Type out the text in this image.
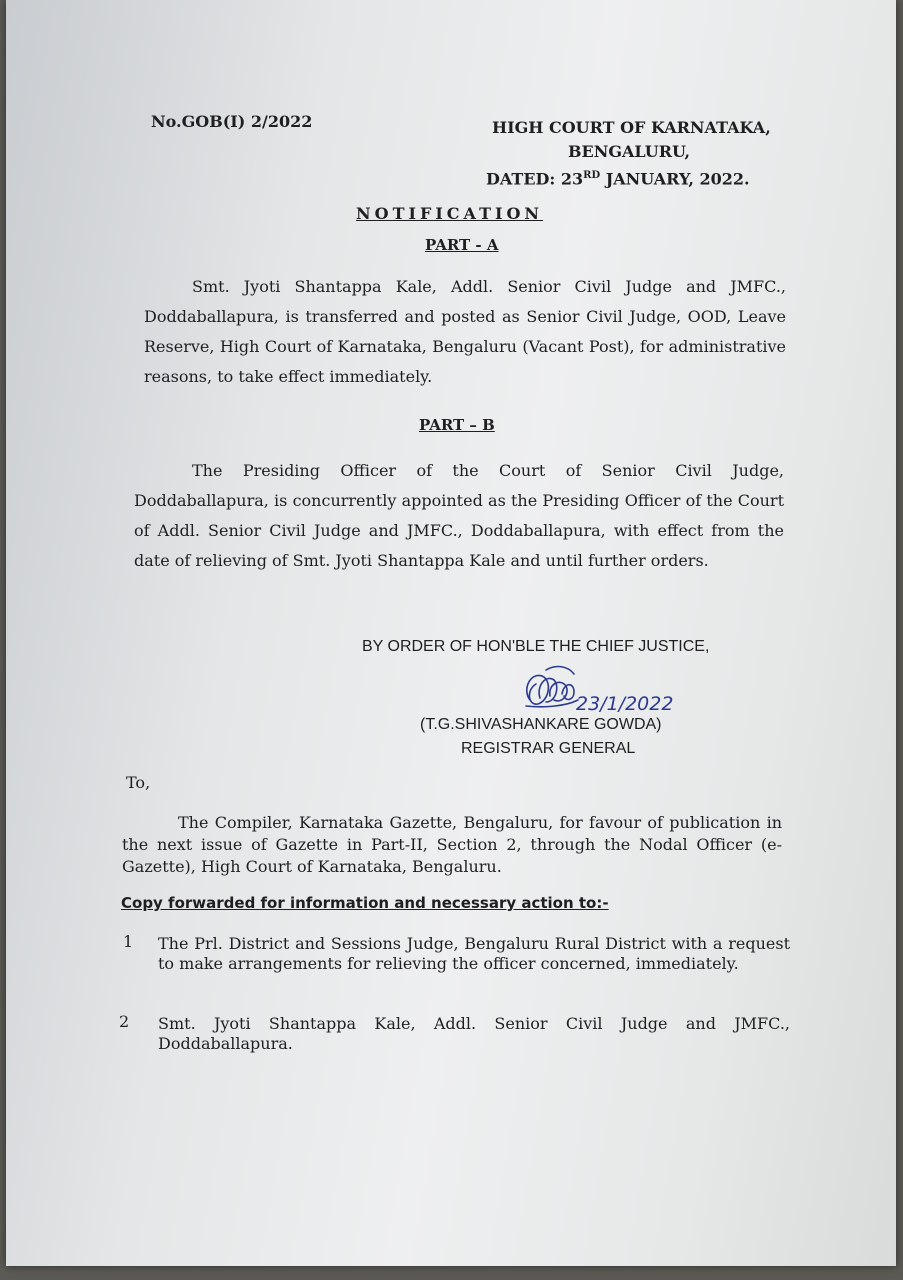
No.GOB(I) 2/2022	HIGH COURT OF KARNATAKA,
BENGALURU,
DATED: 23RD JANUARY, 2022.
NOTIFICATION
PART - A
Smt. Jyoti Shantappa Kale, Addl. Senior Civil Judge and JMFC., Doddaballapura, is transferred and posted as Senior Civil Judge, OOD, Leave Reserve, High Court of Karnataka, Bengaluru (Vacant Post), for administrative reasons, to take effect immediately.
PART – B
The Presiding Officer of the Court of Senior Civil Judge, Doddaballapura, is concurrently appointed as the Presiding Officer of the Court of Addl. Senior Civil Judge and JMFC., Doddaballapura, with effect from the date of relieving of Smt. Jyoti Shantappa Kale and until further orders.
BY ORDER OF HON'BLE THE CHIEF JUSTICE,
23/1/2022
(T.G.SHIVASHANKARE GOWDA)
REGISTRAR GENERAL
To,
The Compiler, Karnataka Gazette, Bengaluru, for favour of publication in the next issue of Gazette in Part-II, Section 2, through the Nodal Officer (e-Gazette), High Court of Karnataka, Bengaluru.
Copy forwarded for information and necessary action to:-
1 The Prl. District and Sessions Judge, Bengaluru Rural District with a request to make arrangements for relieving the officer concerned, immediately.
2 Smt. Jyoti Shantappa Kale, Addl. Senior Civil Judge and JMFC., Doddaballapura.
